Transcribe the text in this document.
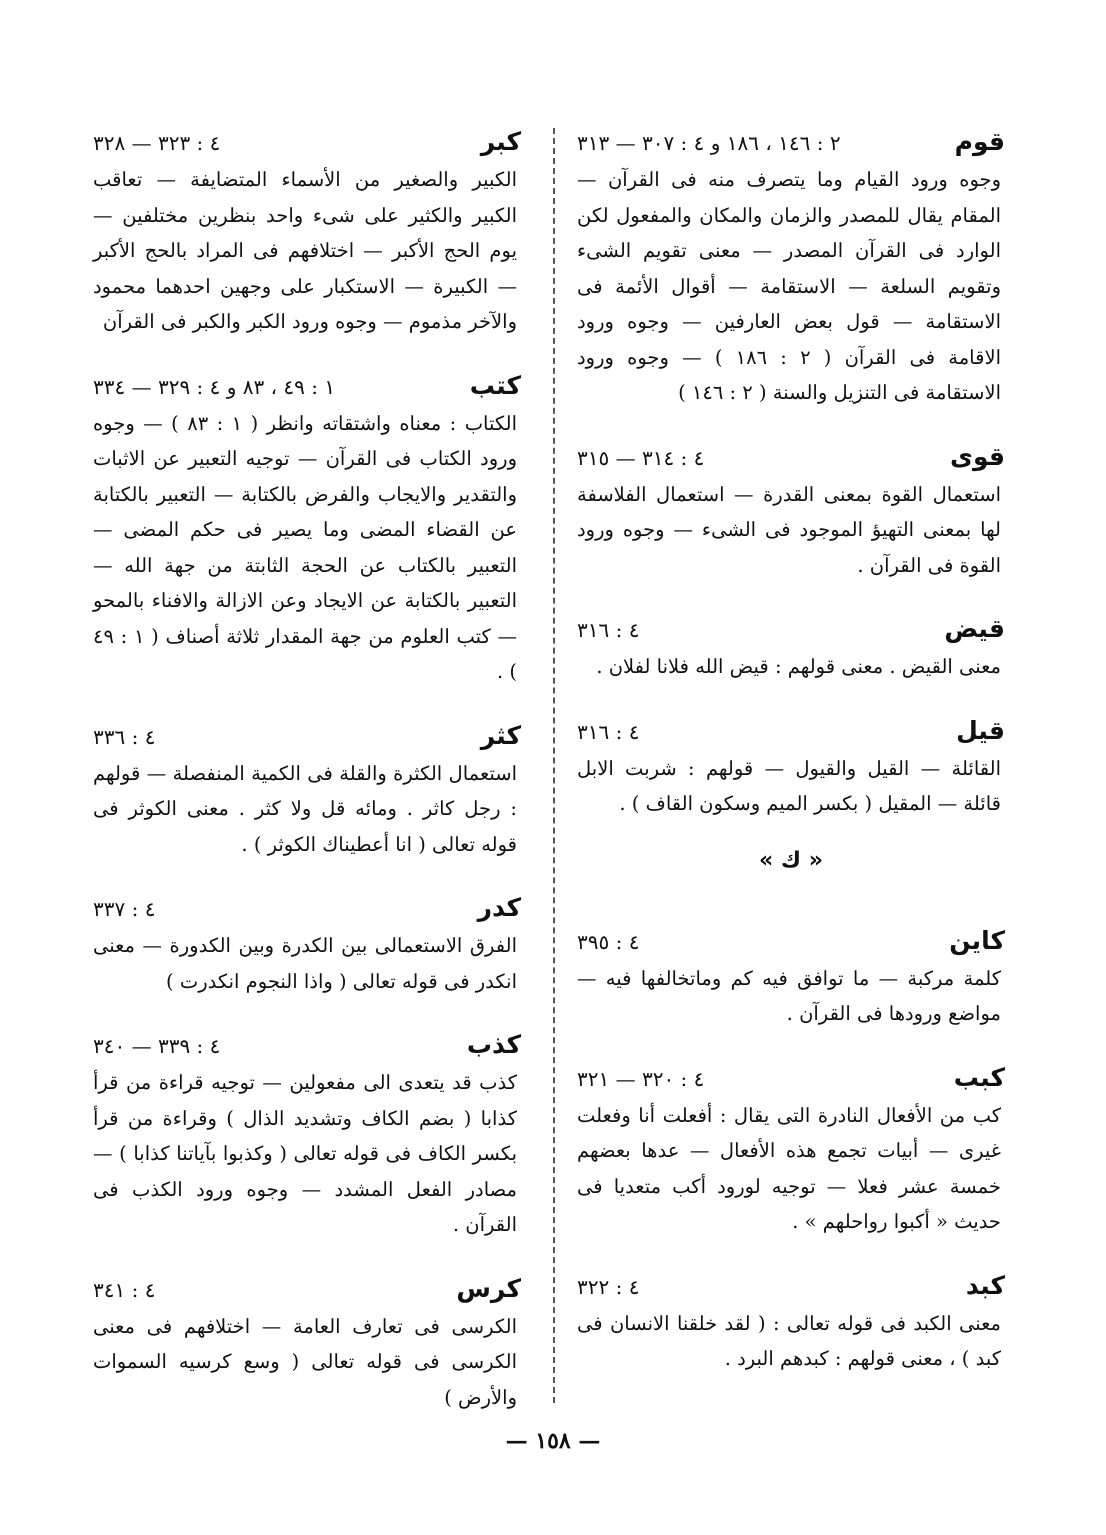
قوم
٢ : ١٤٦ ، ١٨٦ و ٤ : ٣٠٧ — ٣١٣

وجوه ورود القيام وما يتصرف منه فى القرآن — المقام يقال للمصدر والزمان والمكان والمفعول لكن الوارد فى القرآن المصدر — معنى تقويم الشىء وتقويم السلعة — الاستقامة — أقوال الأئمة فى الاستقامة — قول بعض العارفين — وجوه ورود الاقامة فى القرآن ( ٢ : ١٨٦ ) — وجوه ورود الاستقامة فى التنزيل والسنة ( ٢ : ١٤٦ )

قوى
٤ : ٣١٤ — ٣١٥

استعمال القوة بمعنى القدرة — استعمال الفلاسفة لها بمعنى التهيؤ الموجود فى الشىء — وجوه ورود القوة فى القرآن .

قيض
٤ : ٣١٦

معنى القيض . معنى قولهم : قيض الله فلانا لفلان .

قيل
٤ : ٣١٦

القائلة — القيل والقيول — قولهم : شربت الابل قائلة — المقيل ( بكسر الميم وسكون القاف ) .

« ك »
كاين
٤ : ٣٩٥

كلمة مركبة — ما توافق فيه كم وماتخالفها فيه — مواضع ورودها فى القرآن .

كبب
٤ : ٣٢٠ — ٣٢١

كب من الأفعال النادرة التى يقال : أفعلت أنا وفعلت غيرى — أبيات تجمع هذه الأفعال — عدها بعضهم خمسة عشر فعلا — توجيه لورود أكب متعديا فى حديث « أكبوا رواحلهم » .

كبد
٤ : ٣٢٢

معنى الكبد فى قوله تعالى : ( لقد خلقنا الانسان فى كبد ) ، معنى قولهم : كبدهم البرد .

كبر
٤ : ٣٢٣ — ٣٢٨

الكبير والصغير من الأسماء المتضايفة — تعاقب الكبير والكثير على شىء واحد بنظرين مختلفين — يوم الحج الأكبر — اختلافهم فى المراد بالحج الأكبر — الكبيرة — الاستكبار على وجهين احدهما محمود والآخر مذموم — وجوه ورود الكبر والكبر فى القرآن

كتب
١ : ٤٩ ، ٨٣ و ٤ : ٣٢٩ — ٣٣٤

الكتاب : معناه واشتقاته وانظر ( ١ : ٨٣ ) — وجوه ورود الكتاب فى القرآن — توجيه التعبير عن الاثبات والتقدير والايجاب والفرض بالكتابة — التعبير بالكتابة عن القضاء المضى وما يصير فى حكم المضى — التعبير بالكتاب عن الحجة الثابتة من جهة الله — التعبير بالكتابة عن الايجاد وعن الازالة والافناء بالمحو — كتب العلوم من جهة المقدار ثلاثة أصناف ( ١ : ٤٩ ) .

كثر
٤ : ٣٣٦

استعمال الكثرة والقلة فى الكمية المنفصلة — قولهم : رجل كاثر . ومائه قل ولا كثر . معنى الكوثر فى قوله تعالى ( انا أعطيناك الكوثر ) .

كدر
٤ : ٣٣٧

الفرق الاستعمالى بين الكدرة وبين الكدورة — معنى انكدر فى قوله تعالى ( واذا النجوم انكدرت )

كذب
٤ : ٣٣٩ — ٣٤٠

كذب قد يتعدى الى مفعولين — توجيه قراءة من قرأ كذابا ( بضم الكاف وتشديد الذال ) وقراءة من قرأ بكسر الكاف فى قوله تعالى ( وكذبوا بآياتنا كذابا ) — مصادر الفعل المشدد — وجوه ورود الكذب فى القرآن .

كرس
٤ : ٣٤١

الكرسى فى تعارف العامة — اختلافهم فى معنى الكرسى فى قوله تعالى ( وسع كرسيه السموات والأرض )

— ١٥٨ —
